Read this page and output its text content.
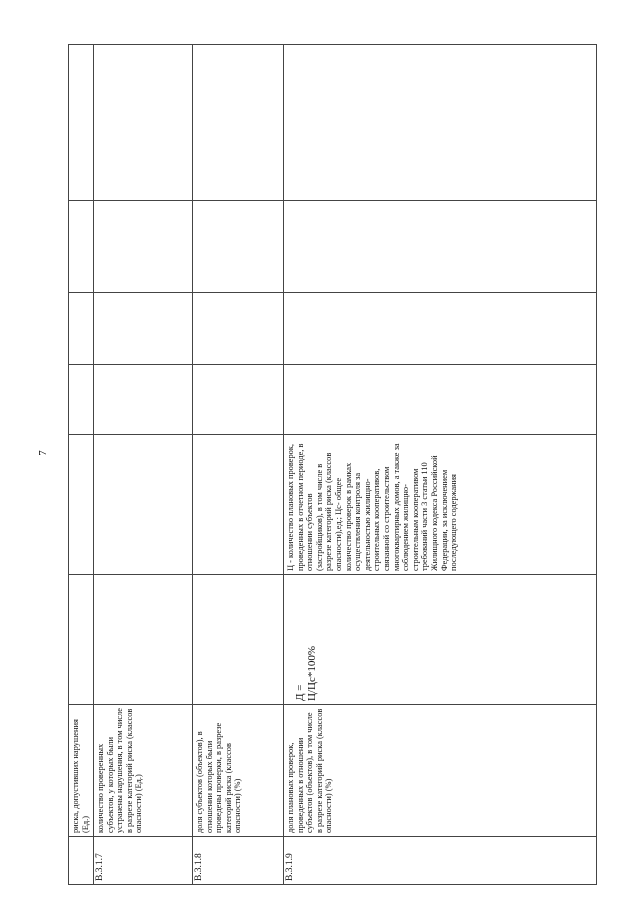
7
	риска, допустивших нарушения (Ед.)						
В.3.1.7	количество проверенных субъектов, у которых были устранены нарушения, в том числе в разрезе категорий риска (классов опасности) (Ед.)						
В.3.1.8	доля субъектов (объектов), в отношении которых были проведены проверки, в разрезе категорий риска (классов опасности) (%)						
В.3.1.9	доля плановых проверок, проведенных в отношении субъектов (объектов), в том числе в разрезе категорий риска (классов опасности) (%)	Д = Ц/Цс*100%	Ц - количество плановых проверок, проведенных в отчетном периоде, в отношении субъектов (застройщиков), в том числе в разрезе категорий риска (классов опасности),ед.; Цс- общее количество проверок в рамках осуществления контроля за деятельностью жилищно-строительных кооперативов, связанной со строительством многоквартирных домов, а также за соблюдением жилищно-строительным кооперативом требований части 3 статьи 110 Жилищного кодекса Российской Федерации, за исключением последующего содержания				
